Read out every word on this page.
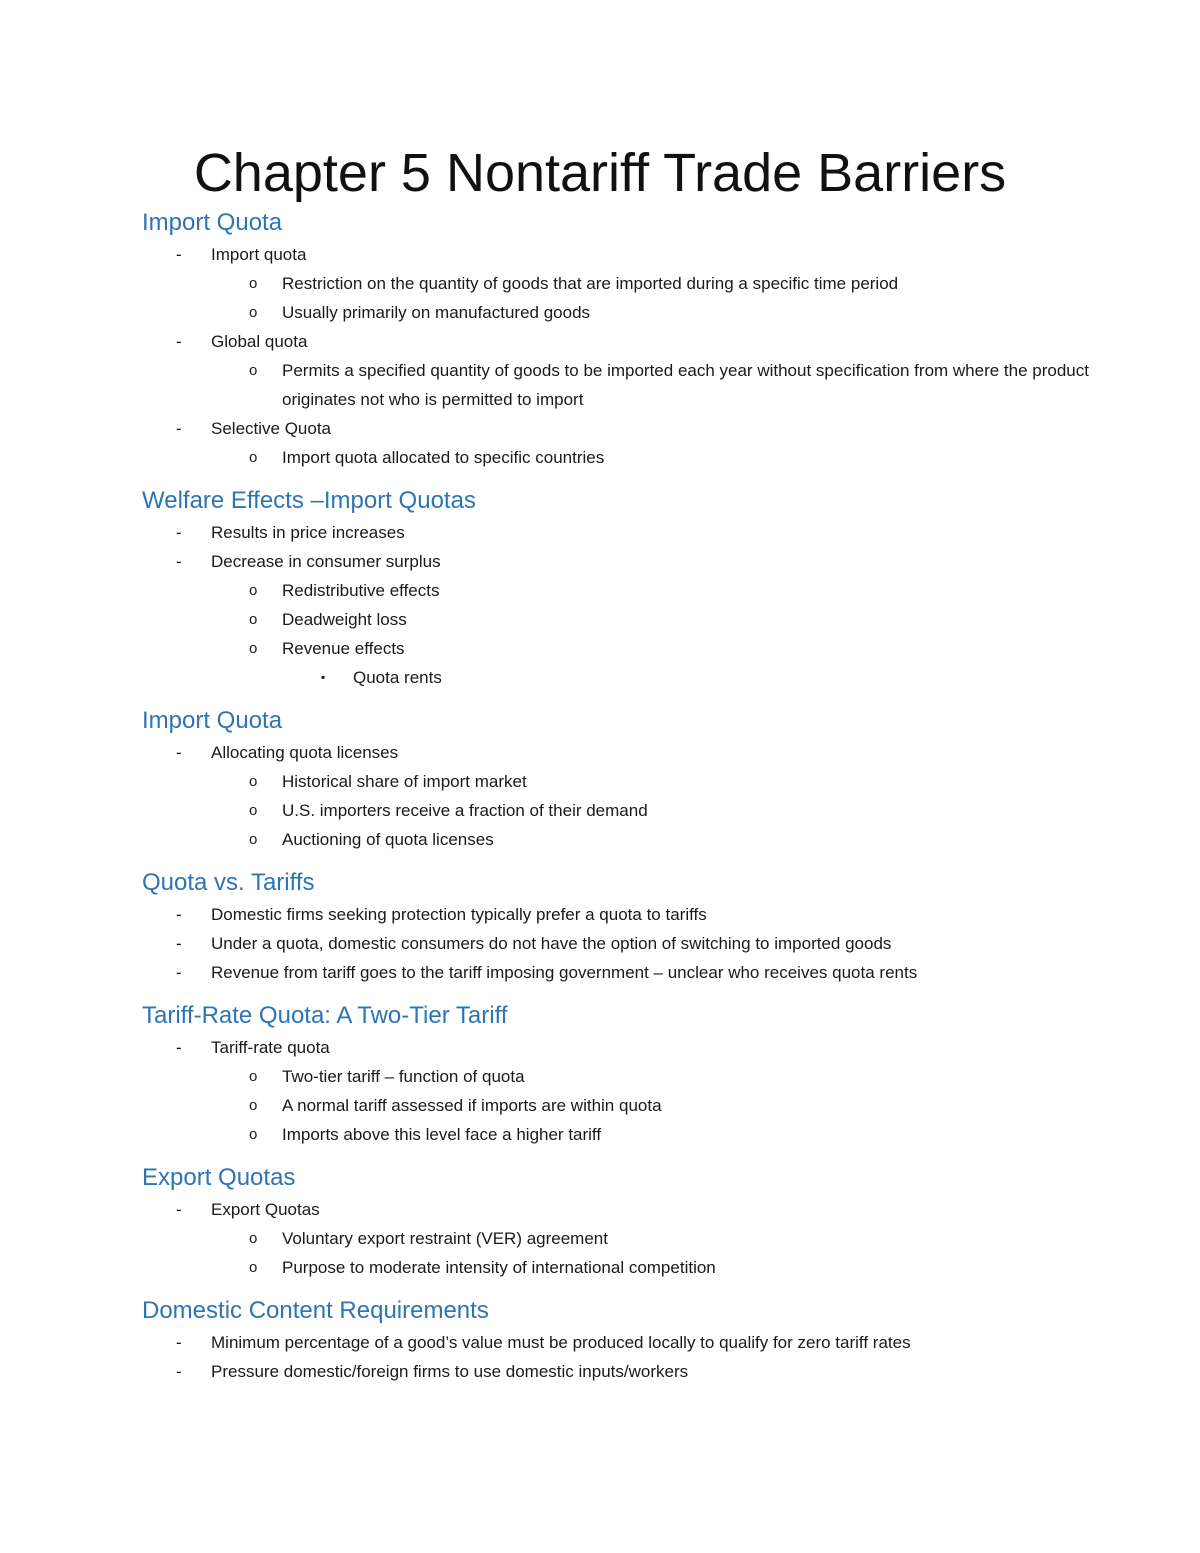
Chapter 5 Nontariff Trade Barriers
Import Quota
- Import quota
o Restriction on the quantity of goods that are imported during a specific time period
o Usually primarily on manufactured goods
- Global quota
o Permits a specified quantity of goods to be imported each year without specification from where the product originates not who is permitted to import
- Selective Quota
o Import quota allocated to specific countries
Welfare Effects –Import Quotas
- Results in price increases
- Decrease in consumer surplus
o Redistributive effects
o Deadweight loss
o Revenue effects
▪ Quota rents
Import Quota
- Allocating quota licenses
o Historical share of import market
o U.S. importers receive a fraction of their demand
o Auctioning of quota licenses
Quota vs. Tariffs
- Domestic firms seeking protection typically prefer a quota to tariffs
- Under a quota, domestic consumers do not have the option of switching to imported goods
- Revenue from tariff goes to the tariff imposing government – unclear who receives quota rents
Tariff-Rate Quota: A Two-Tier Tariff
- Tariff-rate quota
o Two-tier tariff – function of quota
o A normal tariff assessed if imports are within quota
o Imports above this level face a higher tariff
Export Quotas
- Export Quotas
o Voluntary export restraint (VER) agreement
o Purpose to moderate intensity of international competition
Domestic Content Requirements
- Minimum percentage of a good’s value must be produced locally to qualify for zero tariff rates
- Pressure domestic/foreign firms to use domestic inputs/workers
